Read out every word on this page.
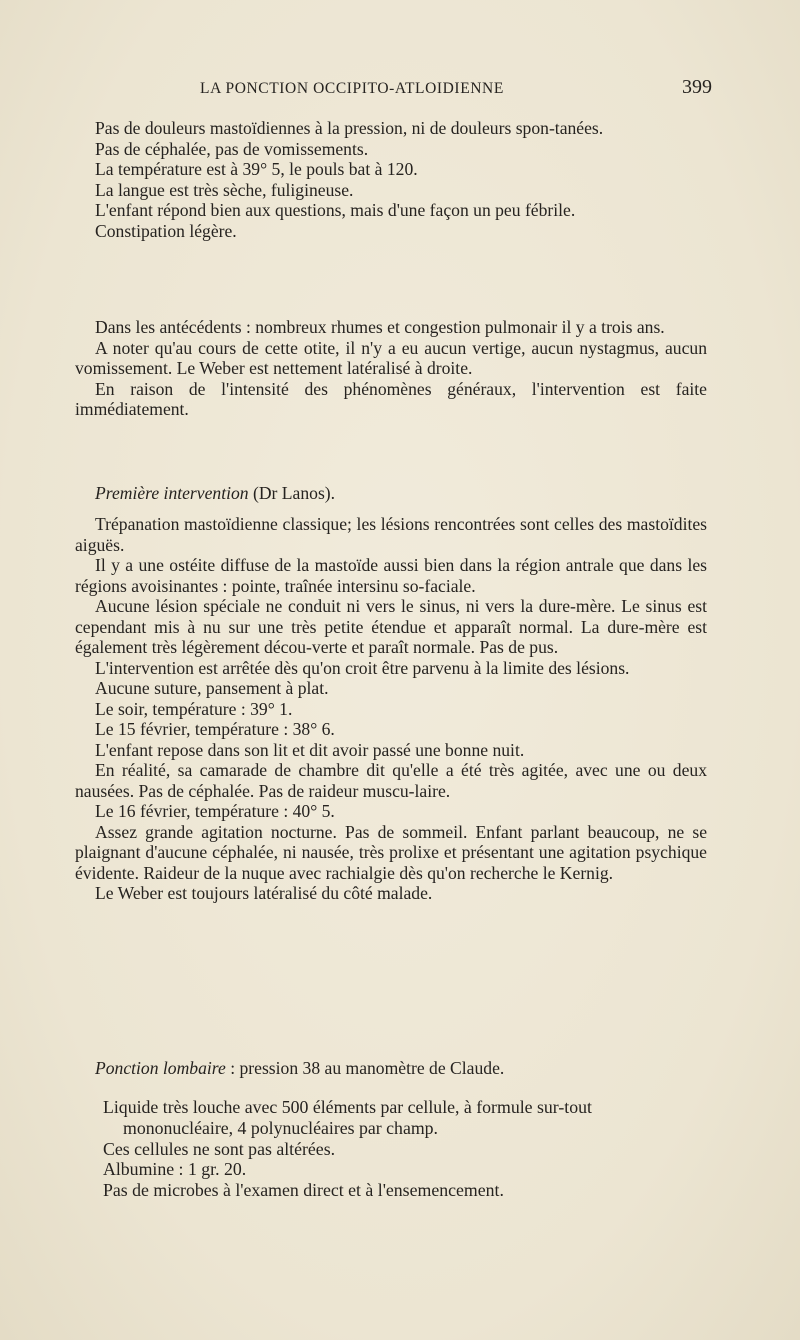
LA PONCTION OCCIPITO-ATLOIDIENNE	399

Pas de douleurs mastoïdiennes à la pression, ni de douleurs spon-tanées.

Pas de céphalée, pas de vomissements.

La température est à 39° 5, le pouls bat à 120.

La langue est très sèche, fuligineuse.

L'enfant répond bien aux questions, mais d'une façon un peu fébrile.

Constipation légère.

Dans les antécédents : nombreux rhumes et congestion pulmonair il y a trois ans.

A noter qu'au cours de cette otite, il n'y a eu aucun vertige, aucun nystagmus, aucun vomissement. Le Weber est nettement latéralisé à droite.

En raison de l'intensité des phénomènes généraux, l'intervention est faite immédiatement.

Première intervention (Dr Lanos).

Trépanation mastoïdienne classique; les lésions rencontrées sont celles des mastoïdites aiguës.

Il y a une ostéite diffuse de la mastoïde aussi bien dans la région antrale que dans les régions avoisinantes : pointe, traînée intersinu so-faciale.

Aucune lésion spéciale ne conduit ni vers le sinus, ni vers la dure-mère. Le sinus est cependant mis à nu sur une très petite étendue et apparaît normal. La dure-mère est également très légèrement décou-verte et paraît normale. Pas de pus.

L'intervention est arrêtée dès qu'on croit être parvenu à la limite des lésions.

Aucune suture, pansement à plat.

Le soir, température : 39° 1.

Le 15 février, température : 38° 6.

L'enfant repose dans son lit et dit avoir passé une bonne nuit.

En réalité, sa camarade de chambre dit qu'elle a été très agitée, avec une ou deux nausées. Pas de céphalée. Pas de raideur muscu-laire.

Le 16 février, température : 40° 5.

Assez grande agitation nocturne. Pas de sommeil. Enfant parlant beaucoup, ne se plaignant d'aucune céphalée, ni nausée, très prolixe et présentant une agitation psychique évidente. Raideur de la nuque avec rachialgie dès qu'on recherche le Kernig.

Le Weber est toujours latéralisé du côté malade.

Ponction lombaire : pression 38 au manomètre de Claude.

Liquide très louche avec 500 éléments par cellule, à formule sur-tout mononucléaire, 4 polynucléaires par champ.

Ces cellules ne sont pas altérées.

Albumine : 1 gr. 20.

Pas de microbes à l'examen direct et à l'ensemencement.
